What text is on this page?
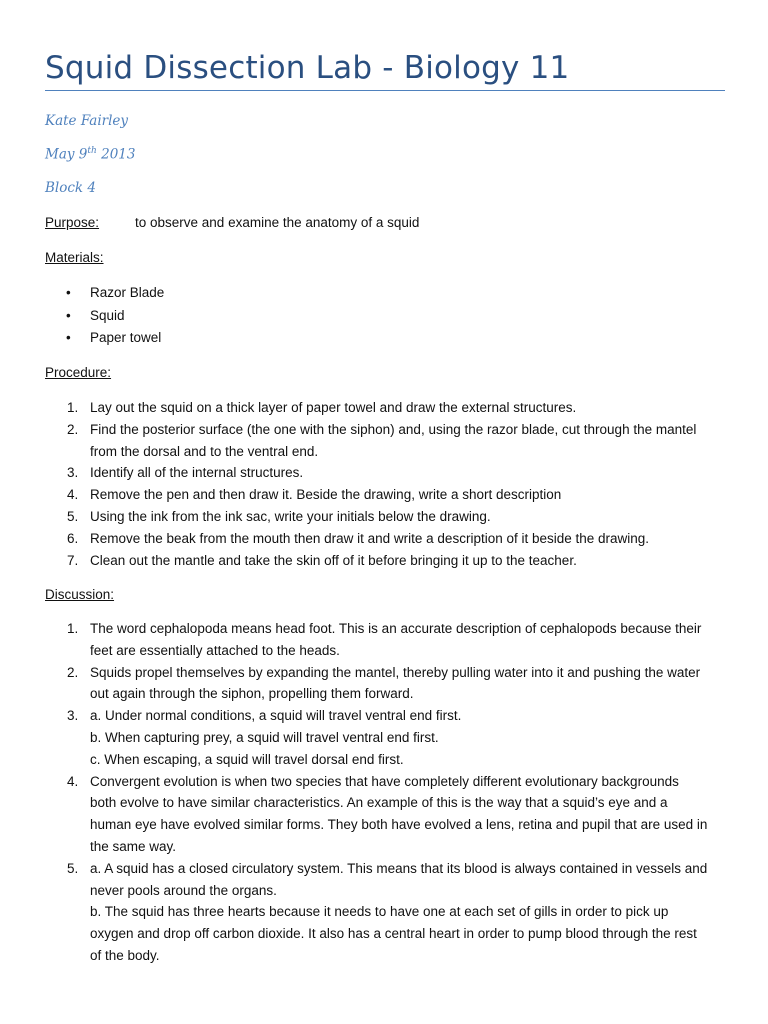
Squid Dissection Lab - Biology 11
Kate Fairley
May 9th 2013
Block 4
Purpose:	to observe and examine the anatomy of a squid
Materials:
• Razor Blade
• Squid
• Paper towel
Procedure:
1. Lay out the squid on a thick layer of paper towel and draw the external structures.
2. Find the posterior surface (the one with the siphon) and, using the razor blade, cut through the mantel
from the dorsal and to the ventral end.
3. Identify all of the internal structures.
4. Remove the pen and then draw it. Beside the drawing, write a short description
5. Using the ink from the ink sac, write your initials below the drawing.
6. Remove the beak from the mouth then draw it and write a description of it beside the drawing.
7. Clean out the mantle and take the skin off of it before bringing it up to the teacher.
Discussion:
1. The word cephalopoda means head foot. This is an accurate description of cephalopods because their
feet are essentially attached to the heads.
2. Squids propel themselves by expanding the mantel, thereby pulling water into it and pushing the water
out again through the siphon, propelling them forward.
3. a. Under normal conditions, a squid will travel ventral end first.
b. When capturing prey, a squid will travel ventral end first.
c. When escaping, a squid will travel dorsal end first.
4. Convergent evolution is when two species that have completely different evolutionary backgrounds
both evolve to have similar characteristics. An example of this is the way that a squid’s eye and a
human eye have evolved similar forms. They both have evolved a lens, retina and pupil that are used in
the same way.
5. a. A squid has a closed circulatory system. This means that its blood is always contained in vessels and
never pools around the organs.
b. The squid has three hearts because it needs to have one at each set of gills in order to pick up
oxygen and drop off carbon dioxide. It also has a central heart in order to pump blood through the rest
of the body.
